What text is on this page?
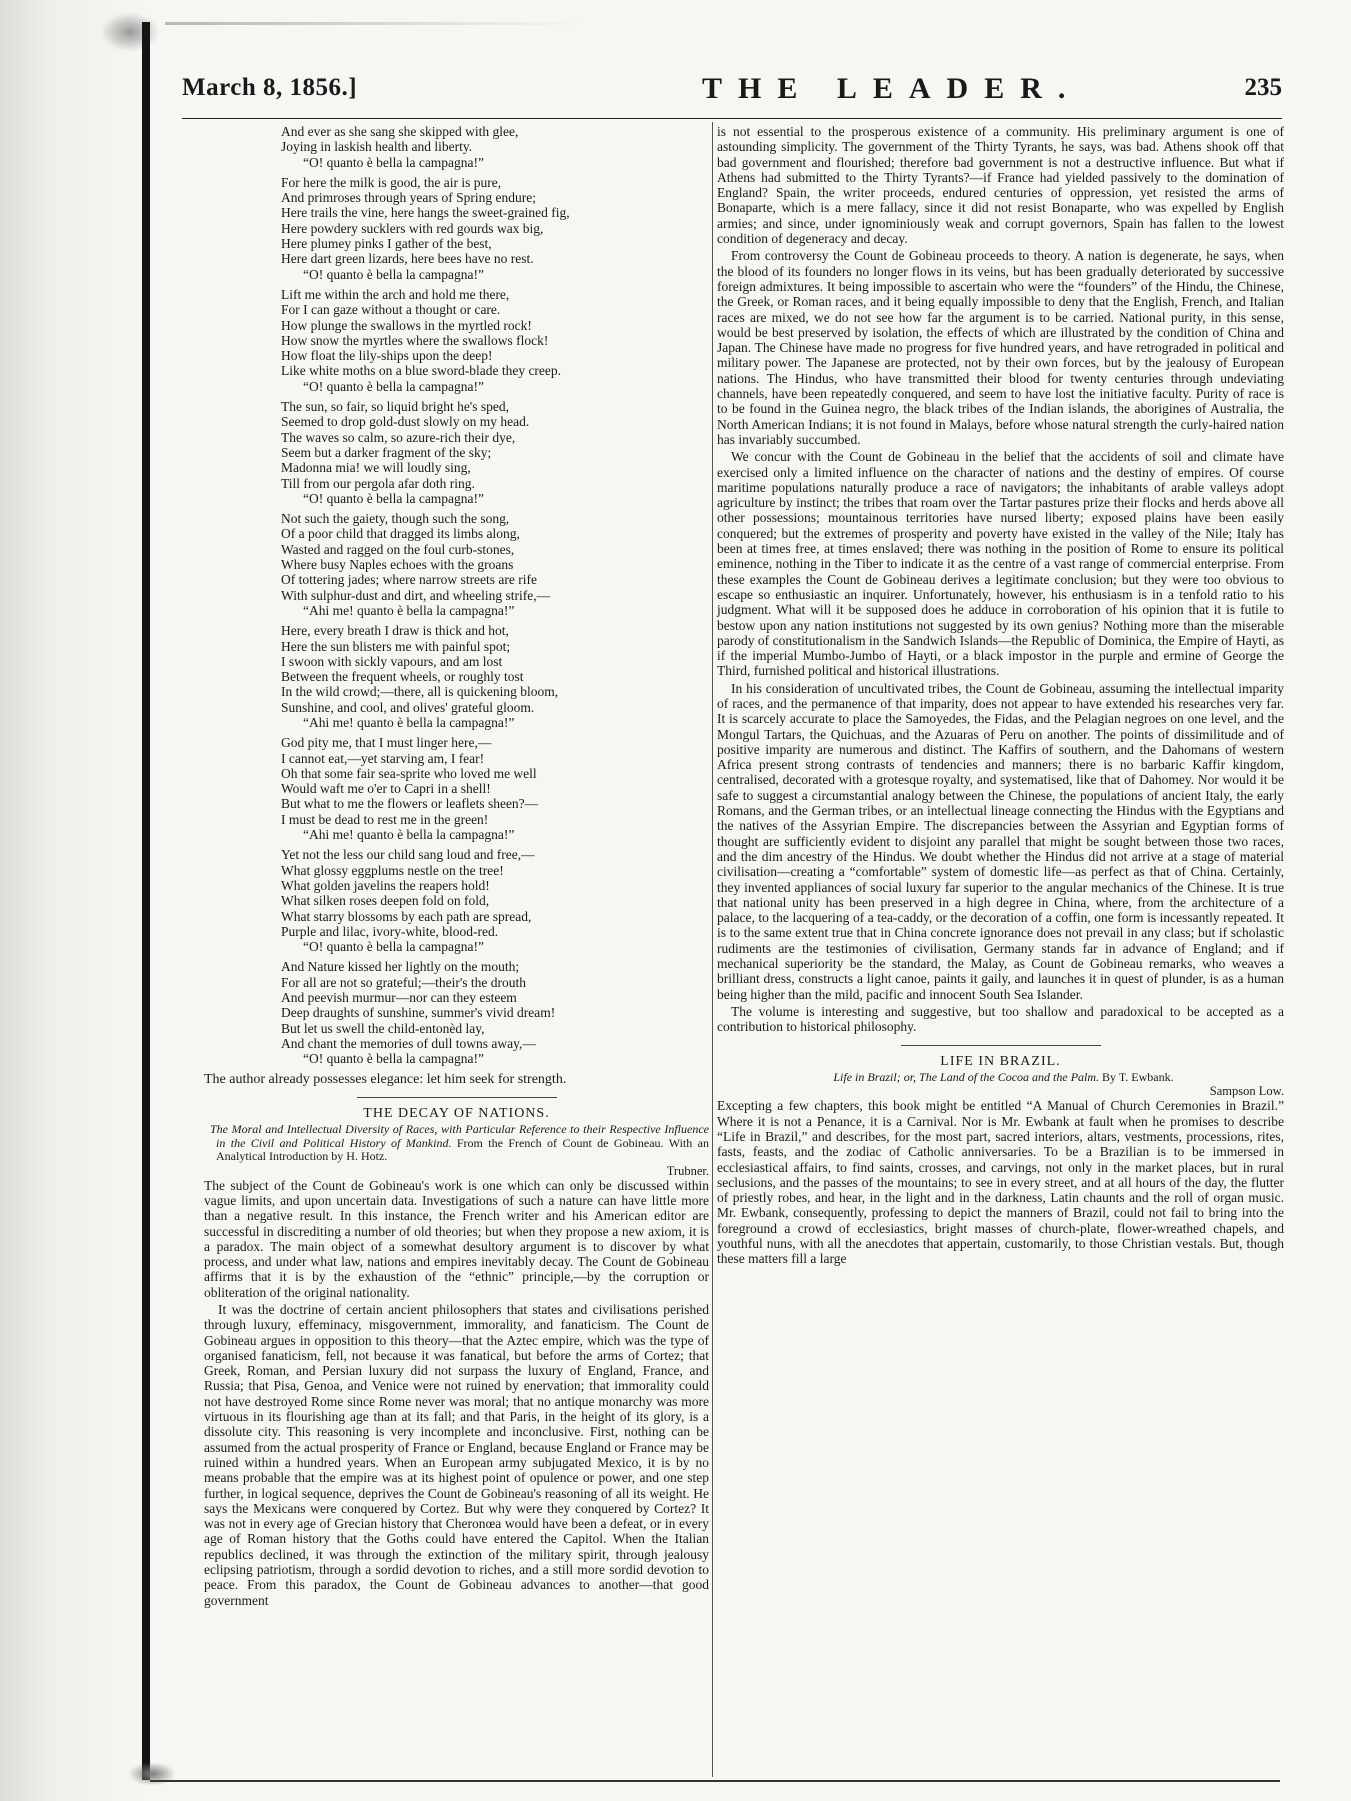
March 8, 1856.]	THE LEADER.	235
And ever as she sang she skipped with glee,
Joying in laskish health and liberty.
“O! quanto è bella la campagna!”
For here the milk is good, the air is pure,
And primroses through years of Spring endure;
Here trails the vine, here hangs the sweet-grained fig,
Here powdery sucklers with red gourds wax big,
Here plumey pinks I gather of the best,
Here dart green lizards, here bees have no rest.
“O! quanto è bella la campagna!”
Lift me within the arch and hold me there,
For I can gaze without a thought or care.
How plunge the swallows in the myrtled rock!
How snow the myrtles where the swallows flock!
How float the lily-ships upon the deep!
Like white moths on a blue sword-blade they creep.
“O! quanto è bella la campagna!”
The sun, so fair, so liquid bright he's sped,
Seemed to drop gold-dust slowly on my head.
The waves so calm, so azure-rich their dye,
Seem but a darker fragment of the sky;
Madonna mia! we will loudly sing,
Till from our pergola afar doth ring.
“O! quanto è bella la campagna!”
Not such the gaiety, though such the song,
Of a poor child that dragged its limbs along,
Wasted and ragged on the foul curb-stones,
Where busy Naples echoes with the groans
Of tottering jades; where narrow streets are rife
With sulphur-dust and dirt, and wheeling strife,—
“Ahi me! quanto è bella la campagna!”
Here, every breath I draw is thick and hot,
Here the sun blisters me with painful spot;
I swoon with sickly vapours, and am lost
Between the frequent wheels, or roughly tost
In the wild crowd;—there, all is quickening bloom,
Sunshine, and cool, and olives' grateful gloom.
“Ahi me! quanto è bella la campagna!”
God pity me, that I must linger here,—
I cannot eat,—yet starving am, I fear!
Oh that some fair sea-sprite who loved me well
Would waft me o'er to Capri in a shell!
But what to me the flowers or leaflets sheen?—
I must be dead to rest me in the green!
“Ahi me! quanto è bella la campagna!”
Yet not the less our child sang loud and free,—
What glossy eggplums nestle on the tree!
What golden javelins the reapers hold!
What silken roses deepen fold on fold,
What starry blossoms by each path are spread,
Purple and lilac, ivory-white, blood-red.
“O! quanto è bella la campagna!”
And Nature kissed her lightly on the mouth;
For all are not so grateful;—their's the drouth
And peevish murmur—nor can they esteem
Deep draughts of sunshine, summer's vivid dream!
But let us swell the child-entonèd lay,
And chant the memories of dull towns away,—
“O! quanto è bella la campagna!”
The author already possesses elegance: let him seek for strength.
THE DECAY OF NATIONS.
The Moral and Intellectual Diversity of Races, with Particular Reference to their Respective Influence in the Civil and Political History of Mankind. From the French of Count de Gobineau. With an Analytical Introduction by H. Hotz.
Trubner.

The subject of the Count de Gobineau's work is one which can only be discussed within vague limits, and upon uncertain data. Investigations of such a nature can have little more than a negative result. In this instance, the French writer and his American editor are successful in discrediting a number of old theories; but when they propose a new axiom, it is a paradox. The main object of a somewhat desultory argument is to discover by what process, and under what law, nations and empires inevitably decay. The Count de Gobineau affirms that it is by the exhaustion of the “ethnic” principle,—by the corruption or obliteration of the original nationality.

It was the doctrine of certain ancient philosophers that states and civilisations perished through luxury, effeminacy, misgovernment, immorality, and fanaticism. The Count de Gobineau argues in opposition to this theory—that the Aztec empire, which was the type of organised fanaticism, fell, not because it was fanatical, but before the arms of Cortez; that Greek, Roman, and Persian luxury did not surpass the luxury of England, France, and Russia; that Pisa, Genoa, and Venice were not ruined by enervation; that immorality could not have destroyed Rome since Rome never was moral; that no antique monarchy was more virtuous in its flourishing age than at its fall; and that Paris, in the height of its glory, is a dissolute city. This reasoning is very incomplete and inconclusive. First, nothing can be assumed from the actual prosperity of France or England, because England or France may be ruined within a hundred years. When an European army subjugated Mexico, it is by no means probable that the empire was at its highest point of opulence or power, and one step further, in logical sequence, deprives the Count de Gobineau's reasoning of all its weight. He says the Mexicans were conquered by Cortez. But why were they conquered by Cortez? It was not in every age of Grecian history that Cheronœa would have been a defeat, or in every age of Roman history that the Goths could have entered the Capitol. When the Italian republics declined, it was through the extinction of the military spirit, through jealousy eclipsing patriotism, through a sordid devotion to riches, and a still more sordid devotion to peace. From this paradox, the Count de Gobineau advances to another—that good government

is not essential to the prosperous existence of a community. His preliminary argument is one of astounding simplicity. The government of the Thirty Tyrants, he says, was bad. Athens shook off that bad government and flourished; therefore bad government is not a destructive influence. But what if Athens had submitted to the Thirty Tyrants?—if France had yielded passively to the domination of England? Spain, the writer proceeds, endured centuries of oppression, yet resisted the arms of Bonaparte, which is a mere fallacy, since it did not resist Bonaparte, who was expelled by English armies; and since, under ignominiously weak and corrupt governors, Spain has fallen to the lowest condition of degeneracy and decay.

From controversy the Count de Gobineau proceeds to theory. A nation is degenerate, he says, when the blood of its founders no longer flows in its veins, but has been gradually deteriorated by successive foreign admixtures. It being impossible to ascertain who were the “founders” of the Hindu, the Chinese, the Greek, or Roman races, and it being equally impossible to deny that the English, French, and Italian races are mixed, we do not see how far the argument is to be carried. National purity, in this sense, would be best preserved by isolation, the effects of which are illustrated by the condition of China and Japan. The Chinese have made no progress for five hundred years, and have retrograded in political and military power. The Japanese are protected, not by their own forces, but by the jealousy of European nations. The Hindus, who have transmitted their blood for twenty centuries through undeviating channels, have been repeatedly conquered, and seem to have lost the initiative faculty. Purity of race is to be found in the Guinea negro, the black tribes of the Indian islands, the aborigines of Australia, the North American Indians; it is not found in Malays, before whose natural strength the curly-haired nation has invariably succumbed.

We concur with the Count de Gobineau in the belief that the accidents of soil and climate have exercised only a limited influence on the character of nations and the destiny of empires. Of course maritime populations naturally produce a race of navigators; the inhabitants of arable valleys adopt agriculture by instinct; the tribes that roam over the Tartar pastures prize their flocks and herds above all other possessions; mountainous territories have nursed liberty; exposed plains have been easily conquered; but the extremes of prosperity and poverty have existed in the valley of the Nile; Italy has been at times free, at times enslaved; there was nothing in the position of Rome to ensure its political eminence, nothing in the Tiber to indicate it as the centre of a vast range of commercial enterprise. From these examples the Count de Gobineau derives a legitimate conclusion; but they were too obvious to escape so enthusiastic an inquirer. Unfortunately, however, his enthusiasm is in a tenfold ratio to his judgment. What will it be supposed does he adduce in corroboration of his opinion that it is futile to bestow upon any nation institutions not suggested by its own genius? Nothing more than the miserable parody of constitutionalism in the Sandwich Islands—the Republic of Dominica, the Empire of Hayti, as if the imperial Mumbo-Jumbo of Hayti, or a black impostor in the purple and ermine of George the Third, furnished political and historical illustrations.

In his consideration of uncultivated tribes, the Count de Gobineau, assuming the intellectual imparity of races, and the permanence of that imparity, does not appear to have extended his researches very far. It is scarcely accurate to place the Samoyedes, the Fidas, and the Pelagian negroes on one level, and the Mongul Tartars, the Quichuas, and the Azuaras of Peru on another. The points of dissimilitude and of positive imparity are numerous and distinct. The Kaffirs of southern, and the Dahomans of western Africa present strong contrasts of tendencies and manners; there is no barbaric Kaffir kingdom, centralised, decorated with a grotesque royalty, and systematised, like that of Dahomey. Nor would it be safe to suggest a circumstantial analogy between the Chinese, the populations of ancient Italy, the early Romans, and the German tribes, or an intellectual lineage connecting the Hindus with the Egyptians and the natives of the Assyrian Empire. The discrepancies between the Assyrian and Egyptian forms of thought are sufficiently evident to disjoint any parallel that might be sought between those two races, and the dim ancestry of the Hindus. We doubt whether the Hindus did not arrive at a stage of material civilisation—creating a “comfortable” system of domestic life—as perfect as that of China. Certainly, they invented appliances of social luxury far superior to the angular mechanics of the Chinese. It is true that national unity has been preserved in a high degree in China, where, from the architecture of a palace, to the lacquering of a tea-caddy, or the decoration of a coffin, one form is incessantly repeated. It is to the same extent true that in China concrete ignorance does not prevail in any class; but if scholastic rudiments are the testimonies of civilisation, Germany stands far in advance of England; and if mechanical superiority be the standard, the Malay, as Count de Gobineau remarks, who weaves a brilliant dress, constructs a light canoe, paints it gaily, and launches it in quest of plunder, is as a human being higher than the mild, pacific and innocent South Sea Islander.

The volume is interesting and suggestive, but too shallow and paradoxical to be accepted as a contribution to historical philosophy.

LIFE IN BRAZIL.
Life in Brazil; or, The Land of the Cocoa and the Palm. By T. Ewbank.
Sampson Low.

Excepting a few chapters, this book might be entitled “A Manual of Church Ceremonies in Brazil.” Where it is not a Penance, it is a Carnival. Nor is Mr. Ewbank at fault when he promises to describe “Life in Brazil,” and describes, for the most part, sacred interiors, altars, vestments, processions, rites, fasts, feasts, and the zodiac of Catholic anniversaries. To be a Brazilian is to be immersed in ecclesiastical affairs, to find saints, crosses, and carvings, not only in the market places, but in rural seclusions, and the passes of the mountains; to see in every street, and at all hours of the day, the flutter of priestly robes, and hear, in the light and in the darkness, Latin chaunts and the roll of organ music. Mr. Ewbank, consequently, professing to depict the manners of Brazil, could not fail to bring into the foreground a crowd of ecclesiastics, bright masses of church-plate, flower-wreathed chapels, and youthful nuns, with all the anecdotes that appertain, customarily, to those Christian vestals. But, though these matters fill a large
